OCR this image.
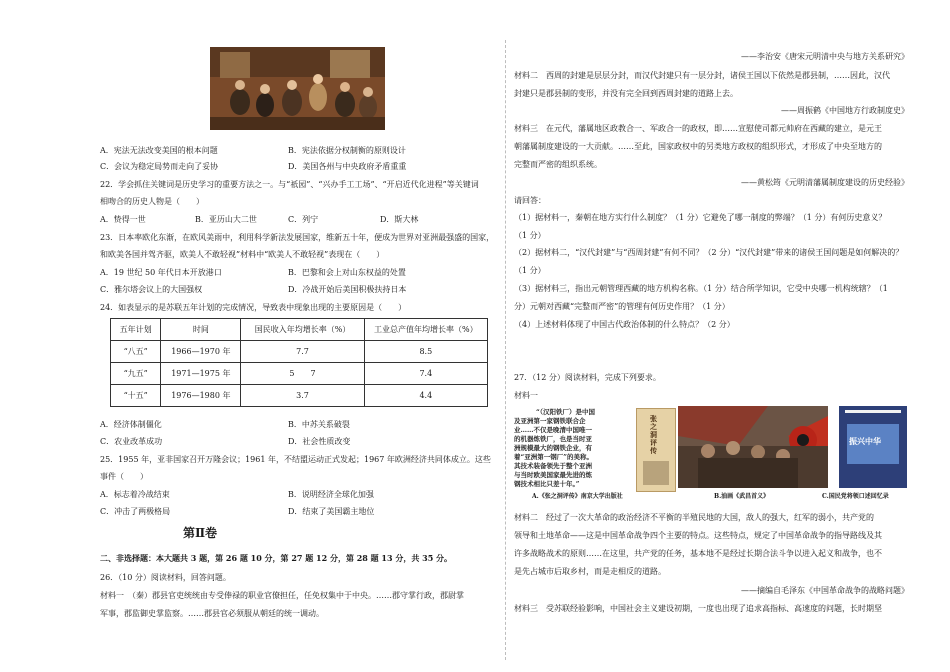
A．宪法无法改变美国的根本问题	B．宪法依据分权制衡的原则设计
C．会议为稳定局势而走向了妥协	D．美国各州与中央政府矛盾重重
22．学会抓住关键词是历史学习的重要方法之一。与“祇园”、“兴办手工工场”、“开启近代化进程”等关键词
相吻合的历史人物是（　　）
A．贽得一世	B．亚历山大二世	C．列宁	D．斯大林
23．日本率欧化东渐，在欧风美雨中，利用科学新法发展国家，维新五十年，便成为世界对亚洲最强盛的国家，
和欧美各国并驾齐驱，欧美人不敢轻视”材料中“欧美人不敢轻视”表现在（　　）
A．19 世纪 50 年代日本开放港口	B．巴黎和会上对山东权益的处置
C．雅尔塔会议上的大国强权	D．冷战开始后美国积极扶持日本
24．如表显示的是苏联五年计划的完成情况，导致表中现象出现的主要原因是（　　）
五年计划	时间	国民收入年均增长率（%）	工业总产值年均增长率（%）
“八五”	1966—1970 年	7.7	8.5
“九五”	1971—1975 年	5　　7	7.4
“十五”	1976—1980 年	3.7	4.4
A．经济体制僵化	B．中苏关系破裂
C．农业改革成功	D．社会性质改变
25．1955 年，亚非国家召开万隆会议；1961 年，不结盟运动正式发起；1967 年欧洲经济共同体成立。这些
事件（　　）
A．标志着冷战结束	B．说明经济全球化加强
C．冲击了两极格局	D．结束了美国霸主地位
第Ⅱ卷
二、非选择题：本大题共 3 题，第 26 题 10 分，第 27 题 12 分，第 28 题 13 分，共 35 分。
26．（10 分）阅读材料，回答问题。
材料一　（秦）郡县官吏统统由专受俸禄的职业官僚担任，任免权集中于中央。……郡守掌行政，郡尉掌
军事，郡监御史掌监察。……郡县官必须服从朝廷的统一调动。
——李治安《唐宋元明清中央与地方关系研究》
材料二　西周的封建是层层分封，而汉代封建只有一层分封，诸侯王国以下依然是郡县制，……因此，汉代
封建只是郡县制的变形，并没有完全回到西周封建的道路上去。
——周振鹤《中国地方行政制度史》
材料三　在元代，藩属地区政教合一、军政合一的政权，即……宣慰使司都元帅府在西藏的建立，是元王
朝藩属制度建设的一大贡献。……至此，国家政权中的另类地方政权的组织形式，才形成了中央至地方的
完整而严密的组织系统。
——黄松筠《元明清藩属制度建设的历史经验》
请回答：
（1）据材料一，秦朝在地方实行什么制度？（1 分）它避免了哪一制度的弊端？（1 分）有何历史意义？
（1 分）
（2）据材料二，“汉代封建”与“西周封建”有何不同？（2 分）“汉代封建”带来的诸侯王国问题是如何解决的？
（1 分）
（3）据材料三，指出元朝管理西藏的地方机构名称。（1 分）结合所学知识，它受中央哪一机构统辖？（1
分）元朝对西藏“完整而严密”的管理有何历史作用？（1 分）
（4）上述材料体现了中国古代政治体制的什么特点？（2 分）
27．（12 分）阅读材料，完成下列要求。
材料一
“（汉阳铁厂）是中国
及亚洲第一家钢铁联合企
业……不仅是晚清中国唯一
的机器炼铁厂，也是当时亚
洲规模最大的钢铁企业，有
着“亚洲第一钢厂”的美称。
其技术装备领先于整个亚洲
与当时欧美国家最先进的炼
钢技术相比只差十年。”
张之洞评传
振兴中华
A.《张之洞评传》南京大学出版社	B.油画《武昌首义》	C.国民党将领口述回忆录
材料二　经过了一次大革命的政治经济不平衡的半殖民地的大国，敌人的强大，红军的弱小，共产党的
领导和土地革命——这是中国革命战争四个主要的特点。这些特点，规定了中国革命战争的指导路线及其
许多战略战术的原则……在这里，共产党的任务，基本地不是经过长期合法斗争以进入起义和战争，也不
是先占城市后取乡村，而是走相反的道路。
——摘编自毛泽东《中国革命战争的战略问题》
材料三　受苏联经验影响，中国社会主义建设初期，一度也出现了追求高指标、高速度的问题，长时期坚
